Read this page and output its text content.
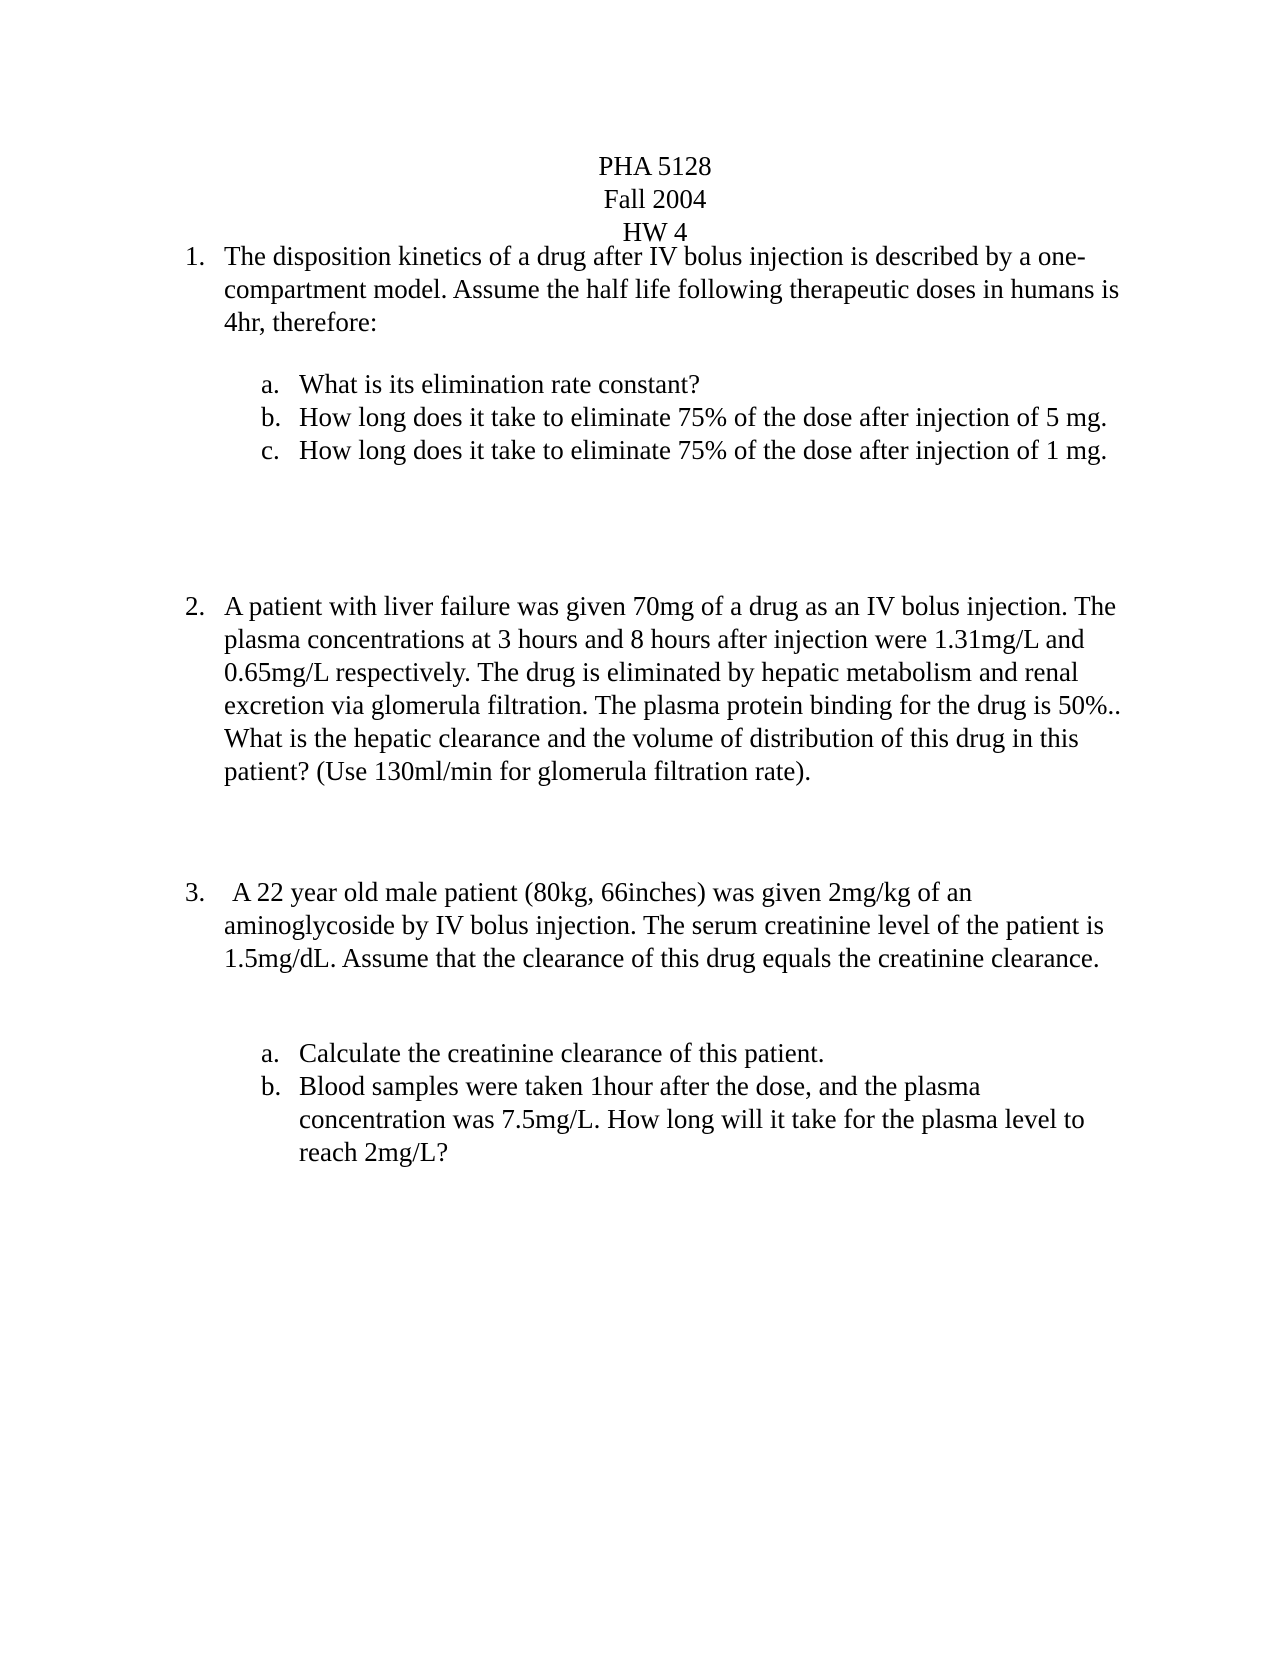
PHA 5128
Fall 2004
HW 4
1. The disposition kinetics of a drug after IV bolus injection is described by a one-compartment model. Assume the half life following therapeutic doses in humans is 4hr, therefore:
a. What is its elimination rate constant?
b. How long does it take to eliminate 75% of the dose after injection of 5 mg.
c. How long does it take to eliminate 75% of the dose after injection of 1 mg.
2. A patient with liver failure was given 70mg of a drug as an IV bolus injection. The plasma concentrations at 3 hours and 8 hours after injection were 1.31mg/L and 0.65mg/L respectively. The drug is eliminated by hepatic metabolism and renal excretion via glomerula filtration. The plasma protein binding for the drug is 50%.. What is the hepatic clearance and the volume of distribution of this drug in this patient? (Use 130ml/min for glomerula filtration rate).
3. A 22 year old male patient (80kg, 66inches) was given 2mg/kg of an aminoglycoside by IV bolus injection. The serum creatinine level of the patient is 1.5mg/dL. Assume that the clearance of this drug equals the creatinine clearance.
a. Calculate the creatinine clearance of this patient.
b. Blood samples were taken 1hour after the dose, and the plasma concentration was 7.5mg/L. How long will it take for the plasma level to reach 2mg/L?
